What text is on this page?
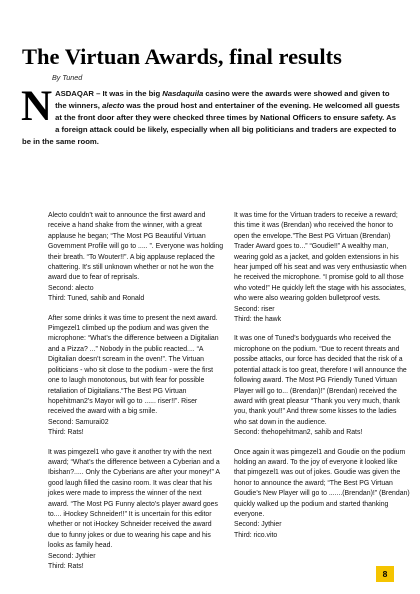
The Virtuan Awards, final results
By Tuned
NASDAQAR – It was in the big Nasdaquila casino were the awards were showed and given to the winners, alecto was the proud host and entertainer of the evening. He welcomed all guests at the front door after they were checked three times by National Officers to ensure safety. As a foreign attack could be likely, especially when all big politicians and traders are expected to be in the same room.

Alecto couldn’t wait to announce the first award and receive a hand shake from the winner, with a great applause he began; “The Most PG Beautiful Virtuan Government Profile will go to ..... ”. Everyone was holding their breath. “To Wouter!!”. A big applause replaced the chattering. It’s still unknown whether or not he won the award due to fear of reprisals.

Second: alecto

Third: Tuned, sahib and Ronald

After some drinks it was time to present the next award. Pimgezel1 climbed up the podium and was given the microphone: “What’s the difference between a Digitalian and a Pizza? ...” Nobody in the public reacted.... “A Digitalian doesn’t scream in the oven!”. The Virtuan politicians - who sit close to the podium - were the first one to laugh monotonous, but with fear for possible retaliation of Digitalians.“The Best PG Virtuan hopehitman2’s Mayor will go to ...... riser!!”. Riser received the award with a big smile.

Second: Samurai02

Third: Rats!

It was pimgezel1 who gave it another try with the next award; “What’s the difference between a Cyberian and a Ibishan?..... Only the Cyberians are after your money!” A good laugh filled the casino room. It was clear that his jokes were made to impress the winner of the next award. “The Most PG Funny alecto’s player award goes to.... iHockey Schneider!!” It is uncertain for this editor whether or not iHockey Schneider received the award due to funny jokes or due to wearing his cape and his looks as family head.

Second: Jythier

Third: Rats!

It was time for the Virtuan traders to receive a reward; this time it was (Brendan) who received the honor to open the envelope.”The Best PG Virtuan (Brendan) Trader Award goes to...” “Goudie!!” A wealthy man, wearing gold as a jacket, and golden extensions in his hear jumped off his seat and was very enthusiastic when he received the microphone. “I promise gold to all those who voted!” He quickly left the stage with his associates, who were also wearing golden bulletproof vests.

Second: riser

Third: the hawk

It was one of Tuned’s bodyguards who received the microphone on the podium. “Due to recent threats and possibe attacks, our force has decided that the risk of a potential attack is too great, therefore I will announce the following award. The Most PG Friendly Tuned Virtuan Player will go to... (Brendan)!” (Brendan) received the award with great pleasur “Thank you very much, thank you, thank you!!” And threw some kisses to the ladies who sat down in the audience.

Second: thehopehitman2, sahib and Rats!

Once again it was pimgezel1 and Goudie on the podium holding an award. To the joy of everyone it looked like that pimgezel1 was out of jokes. Goudie was given the honor to announce the award; “The Best PG Virtuan Goudie’s New Player will go to .......(Brendan)!” (Brendan) quickly walked up the podium and started thanking everyone.

Second: Jythier

Third: rico.vito

8
